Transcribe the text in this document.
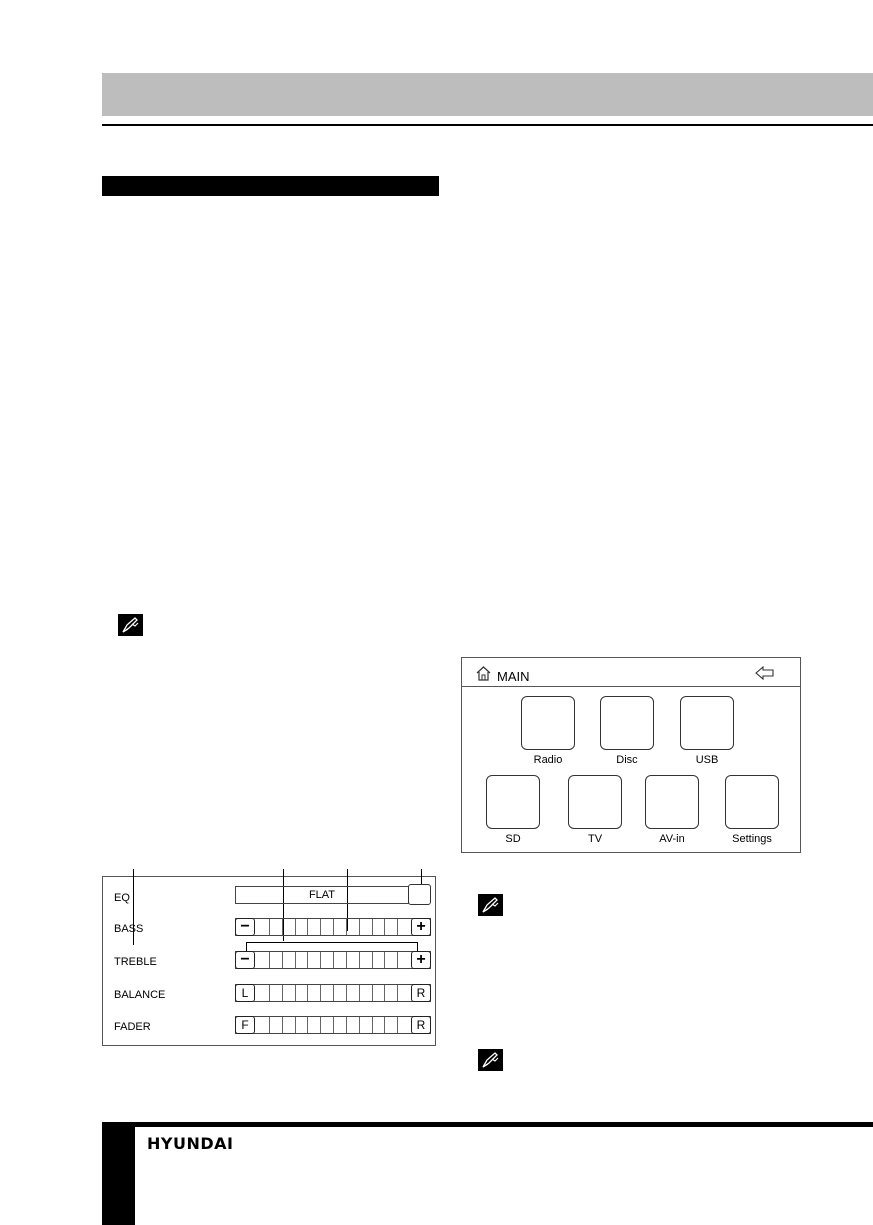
MAIN
Radio	Disc	USB
SD	TV	AV-in	Settings
EQ	FLAT
BASS	−	+
TREBLE	−	+
BALANCE	L	R
FADER	F	R
HYUNDAI
